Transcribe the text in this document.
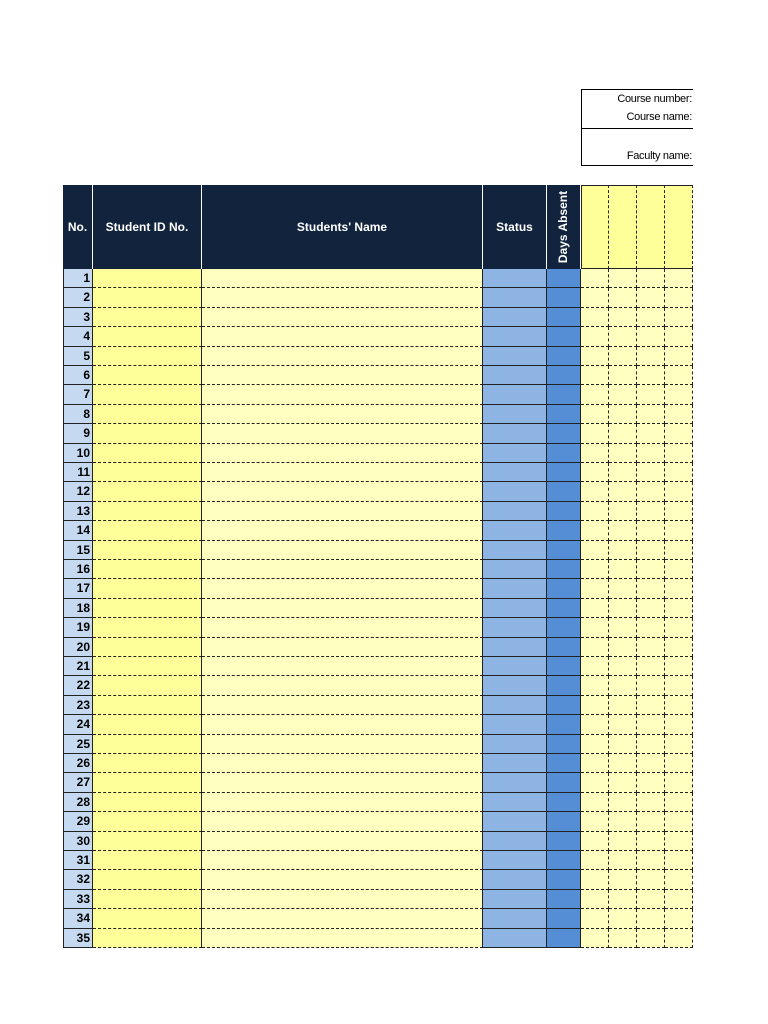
Course number:
Course name:
Faculty name:
No. Student ID No.	Students' Name	Status Days Absent
1
2
3
4
5
6
7
8
9
10
11
12
13
14
15
16
17
18
19
20
21
22
23
24
25
26
27
28
29
30
31
32
33
34
35
